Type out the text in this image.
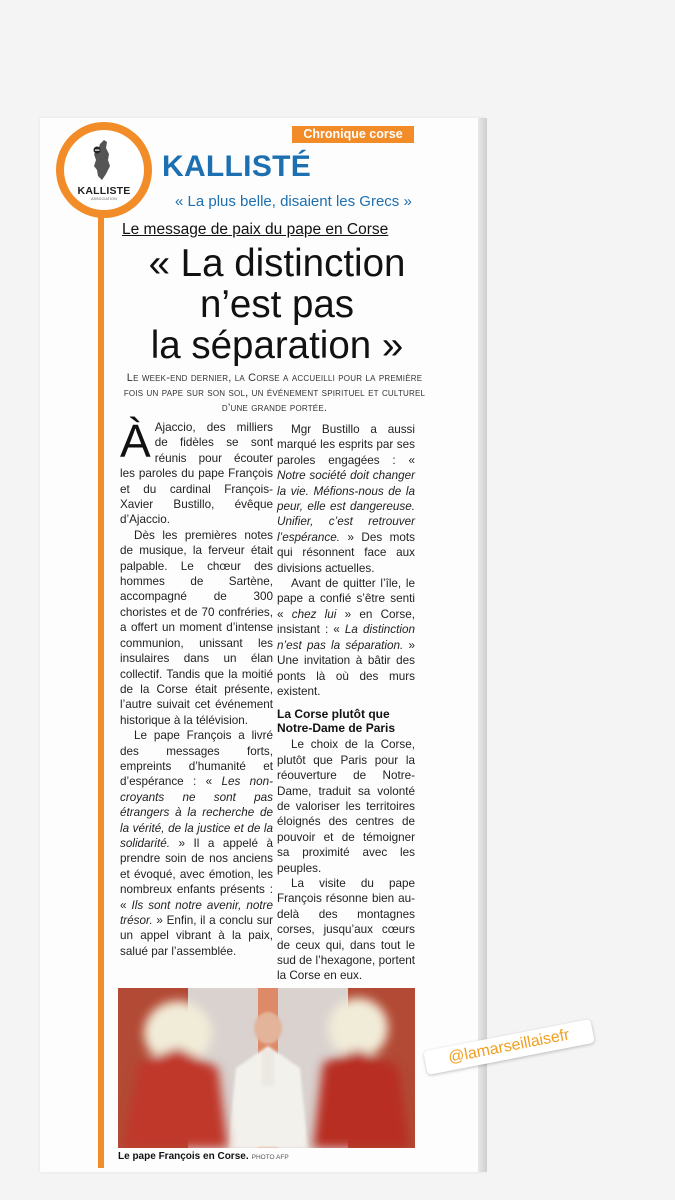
Chronique corse
KALLISTE
ASSOCIATION
KALLISTÉ
« La plus belle, disaient les Grecs »
Le message de paix du pape en Corse
« La distinction
n’est pas
la séparation »
Le week-end dernier, la Corse a accueilli pour la première fois un pape sur son sol, un événement spirituel et culturel d’une grande portée.

À Ajaccio, des milliers de fidèles se sont réunis pour écouter les paroles du pape François et du cardinal François-Xavier Bustillo, évêque d’Ajaccio.

Dès les premières notes de musique, la ferveur était palpable. Le chœur des hommes de Sartène, accompagné de 300 choristes et de 70 confréries, a offert un moment d’intense communion, unissant les insulaires dans un élan collectif. Tandis que la moitié de la Corse était présente, l’autre suivait cet événement historique à la télévision.

Le pape François a livré des messages forts, empreints d’humanité et d’espérance : « Les non-croyants ne sont pas étrangers à la recherche de la vérité, de la justice et de la solidarité. » Il a appelé à prendre soin de nos anciens et évoqué, avec émotion, les nombreux enfants présents : « Ils sont notre avenir, notre trésor. » Enfin, il a conclu sur un appel vibrant à la paix, salué par l’assemblée.

Mgr Bustillo a aussi marqué les esprits par ses paroles engagées : « Notre société doit changer la vie. Méfions-nous de la peur, elle est dangereuse. Unifier, c’est retrouver l’espérance. » Des mots qui résonnent face aux divisions actuelles.

Avant de quitter l’île, le pape a confié s’être senti « chez lui » en Corse, insistant : « La distinction n’est pas la séparation. » Une invitation à bâtir des ponts là où des murs existent.

La Corse plutôt que Notre-Dame de Paris

Le choix de la Corse, plutôt que Paris pour la réouverture de Notre-Dame, traduit sa volonté de valoriser les territoires éloignés des centres de pouvoir et de témoigner sa proximité avec les peuples.

La visite du pape François résonne bien au-delà des montagnes corses, jusqu’aux cœurs de ceux qui, dans tout le sud de l’hexagone, portent la Corse en eux.

Le pape François en Corse. PHOTO AFP
@lamarseillaisefr
